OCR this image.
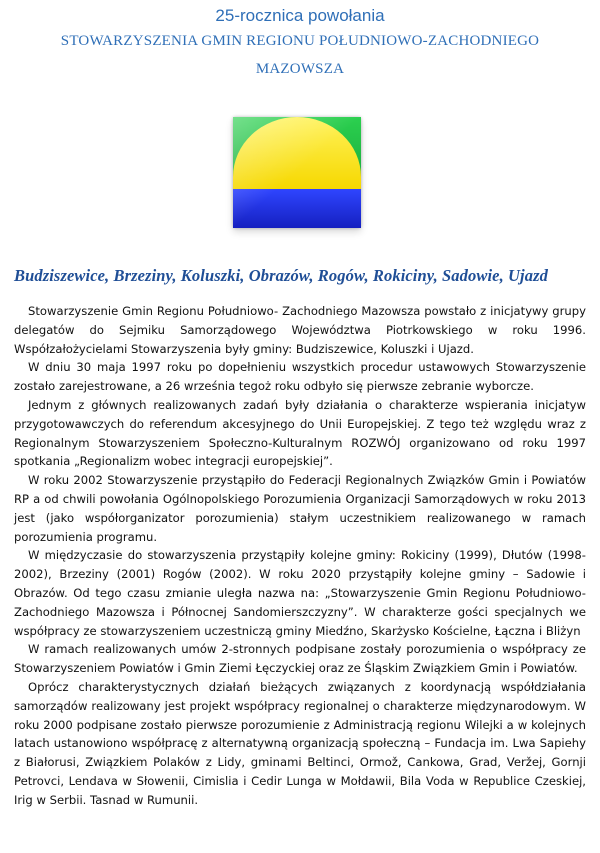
25-rocznica powołania
STOWARZYSZENIA GMIN REGIONU POŁUDNIOWO-ZACHODNIEGO
MAZOWSZA
Budziszewice, Brzeziny, Koluszki, Obrazów, Rogów, Rokiciny, Sadowie, Ujazd

Stowarzyszenie Gmin Regionu Południowo- Zachodniego Mazowsza powstało z inicjatywy grupy delegatów do Sejmiku Samorządowego Województwa Piotrkowskiego w roku 1996. Współzałożycielami Stowarzyszenia były gminy: Budziszewice, Koluszki i Ujazd.

W dniu 30 maja 1997 roku po dopełnieniu wszystkich procedur ustawowych Stowarzyszenie zostało zarejestrowane, a 26 września tegoż roku odbyło się pierwsze zebranie wyborcze.

Jednym z głównych realizowanych zadań były działania o charakterze wspierania inicjatyw przygotowawczych do referendum akcesyjnego do Unii Europejskiej. Z tego też względu wraz z Regionalnym Stowarzyszeniem Społeczno-Kulturalnym ROZWÓJ organizowano od roku 1997 spotkania „Regionalizm wobec integracji europejskiej”.

W roku 2002 Stowarzyszenie przystąpiło do Federacji Regionalnych Związków Gmin i Powiatów RP a od chwili powołania Ogólnopolskiego Porozumienia Organizacji Samorządowych w roku 2013 jest (jako współorganizator porozumienia) stałym uczestnikiem realizowanego w ramach porozumienia programu.

W międzyczasie do stowarzyszenia przystąpiły kolejne gminy: Rokiciny (1999), Dłutów (1998-2002), Brzeziny (2001) Rogów (2002). W roku 2020 przystąpiły kolejne gminy – Sadowie i Obrazów. Od tego czasu zmianie uległa nazwa na: „Stowarzyszenie Gmin Regionu Południowo-Zachodniego Mazowsza i Północnej Sandomierszczyzny”. W charakterze gości specjalnych we współpracy ze stowarzyszeniem uczestniczą gminy Miedźno, Skarżysko Kościelne, Łączna i Bliżyn

W ramach realizowanych umów 2-stronnych podpisane zostały porozumienia o współpracy ze Stowarzyszeniem Powiatów i Gmin Ziemi Łęczyckiej oraz ze Śląskim Związkiem Gmin i Powiatów.

Oprócz charakterystycznych działań bieżących związanych z koordynacją współdziałania samorządów realizowany jest projekt współpracy regionalnej o charakterze międzynarodowym. W roku 2000 podpisane zostało pierwsze porozumienie z Administracją regionu Wilejki a w kolejnych latach ustanowiono współpracę z alternatywną organizacją społeczną – Fundacja im. Lwa Sapiehy z Białorusi, Związkiem Polaków z Lidy, gminami Beltinci, Ormož, Cankowa, Grad, Veržej, Gornji Petrovci, Lendava w Słowenii, Cimislia i Cedir Lunga w Mołdawii, Bila Voda w Republice Czeskiej, Irig w Serbii. Tasnad w Rumunii.
